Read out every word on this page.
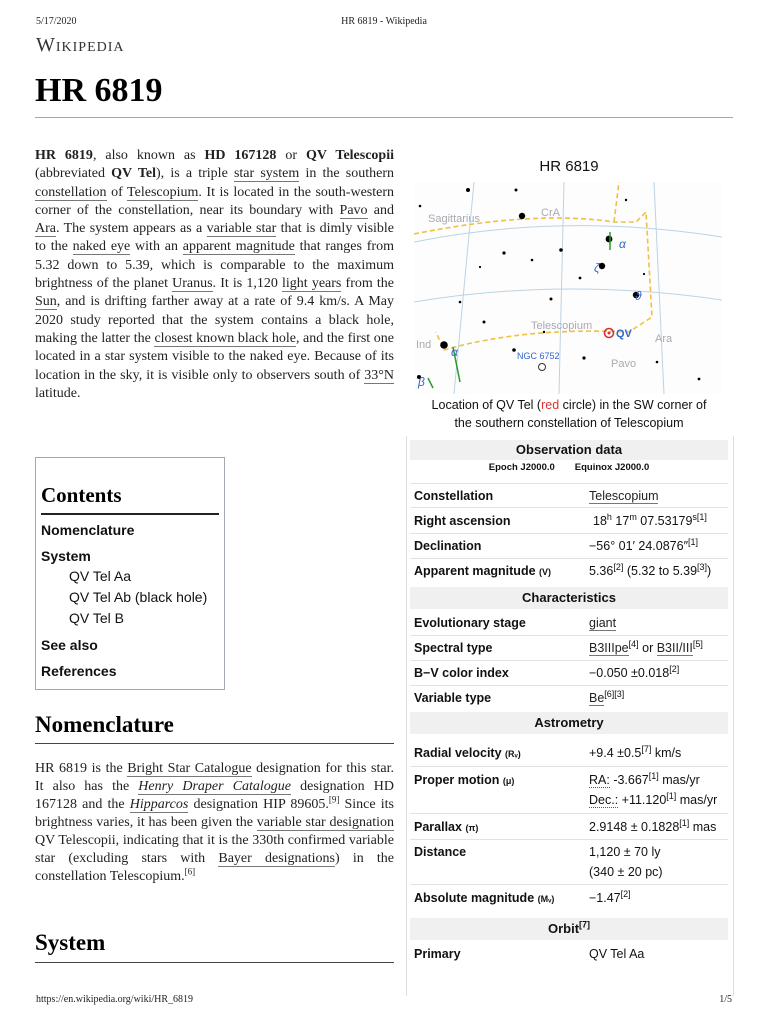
5/17/2020	HR 6819 - Wikipedia
Wikipedia
HR 6819

HR 6819, also known as HD 167128 or QV Telescopii (abbreviated QV Tel), is a triple star system in the southern constellation of Telescopium. It is located in the south-western corner of the constellation, near its boundary with Pavo and Ara. The system appears as a variable star that is dimly visible to the naked eye with an apparent magnitude that ranges from 5.32 down to 5.39, which is comparable to the maximum brightness of the planet Uranus. It is 1,120 light years from the Sun, and is drifting farther away at a rate of 9.4 km/s. A May 2020 study reported that the system contains a black hole, making the latter the closest known black hole, and the first one located in a star system visible to the naked eye. Because of its location in the sky, it is visible only to observers south of 33°N latitude.

Contents
Nomenclature
System
QV Tel Aa
QV Tel Ab (black hole)
QV Tel B
See also
References
Nomenclature

HR 6819 is the Bright Star Catalogue designation for this star. It also has the Henry Draper Catalogue designation HD 167128 and the Hipparcos designation HIP 89605.[9] Since its brightness varies, it has been given the variable star designation QV Telescopii, indicating that it is the 330th confirmed variable star (excluding stars with Bayer designations) in the constellation Telescopium.[6]

System
HR 6819
Sagittarius	CrA
Telescopium
Ara
Ind
Pavo
NGC 6752
QV
α
ζ
ϑ
α
β
Location of QV Tel (red circle) in the SW corner of
the southern constellation of Telescopium
Observation data
Epoch J2000.0 Equinox J2000.0
Constellation	Telescopium
Right ascension	18$^h$ 17$^m$ $07.53179^{s[1]}$
Declination	−56° 01′ 24.0876″[1]
Apparent magnitude (V)	5.36[2] (5.32 to 5.39[3])
Characteristics
Evolutionary stage	giant
Spectral type	B3IIIpe[4] or B3II/III[5]
B−V color index	−0.050 ±0.018[2]
Variable type	Be[6][3]
Astrometry
Radial velocity (Rᵥ)	+9.4 ±0.5[7] km/s
Proper motion (μ)	RA: -3.667[1] mas/yr
Dec.: +11.120[1] mas/yr
Parallax (π)	2.9148 ± 0.1828[1] mas
Distance	1,120 ± 70 ly
(340 ± 20 pc)
Absolute magnitude (Mᵥ)	−1.47[2]
Orbit[7]
Primary	QV Tel Aa
https://en.wikipedia.org/wiki/HR_6819	1/5
